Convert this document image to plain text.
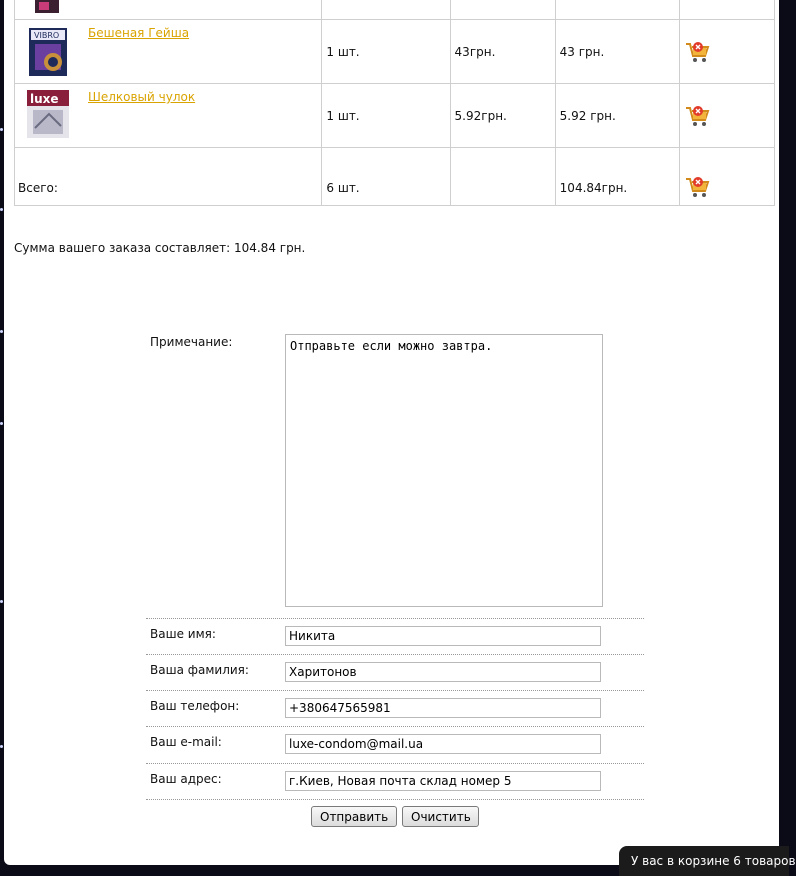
VIBRO Бешеная Гейша	1 шт.	43грн.	43 грн.	

luxe Шелковый чулок	1 шт.	5.92грн.	5.92 грн.	

Всего:	6 шт.		104.84грн.	
Сумма вашего заказа составляет: 104.84 грн.
Примечание:
Отправьте если можно завтра.
Ваше имя:
Никита
Ваша фамилия:
Харитонов
Ваш телефон:
+380647565981
Ваш e-mail:
luxe-condom@mail.ua
Ваш адрес:
г.Киев, Новая почта склад номер 5
Отправить	Очистить
У вас в корзине 6 товаров
